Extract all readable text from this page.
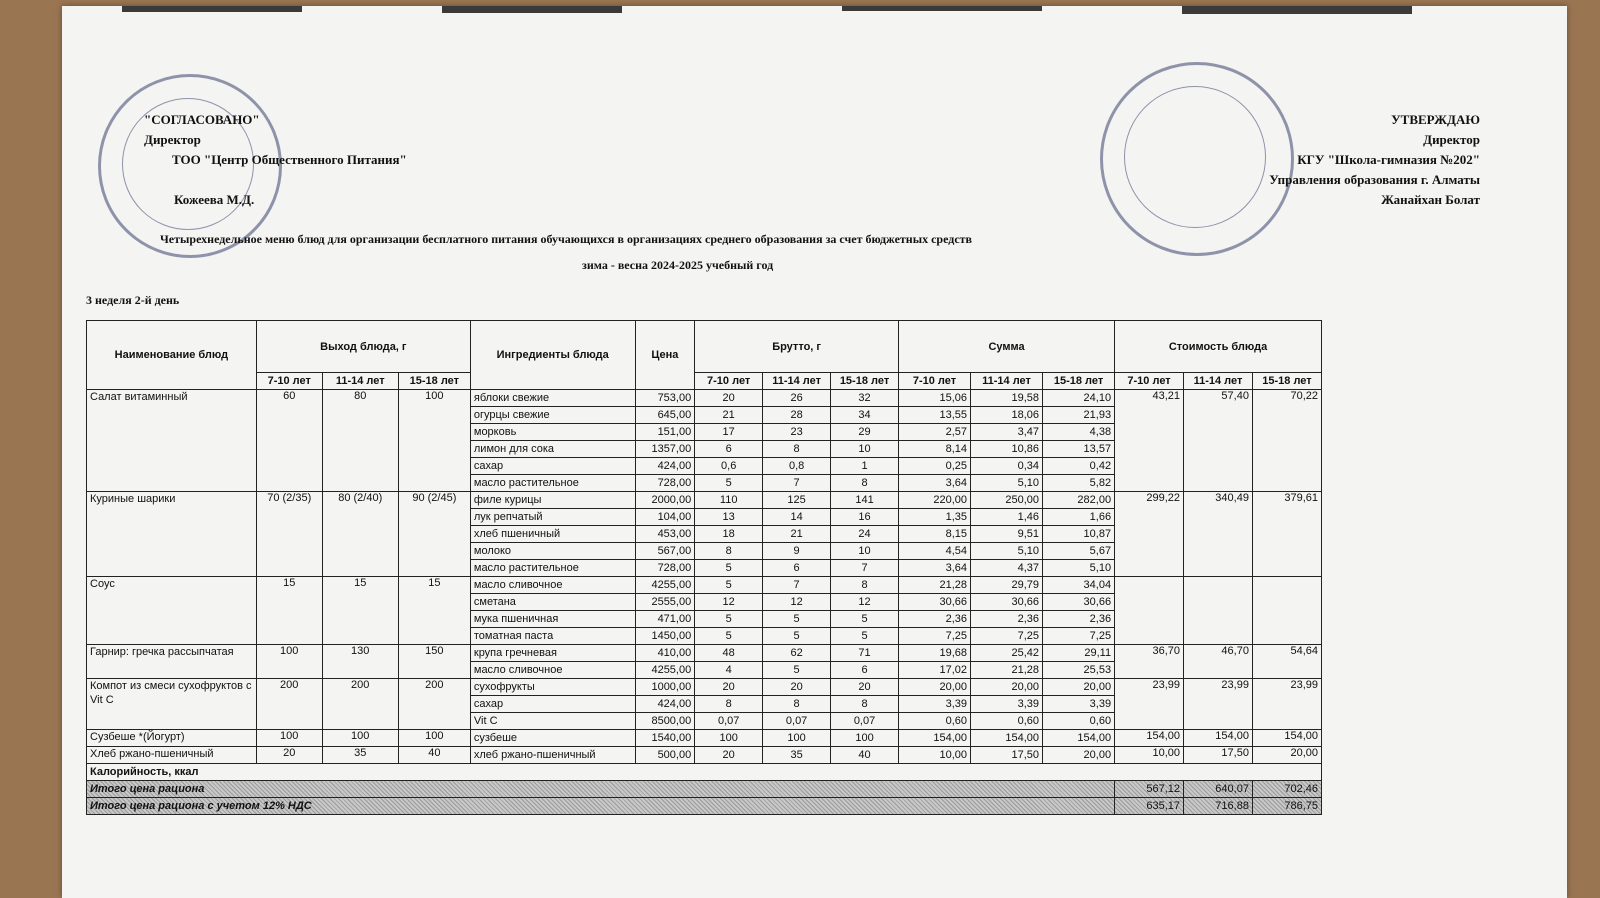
"СОГЛАСОВАНО"
Директор
ТОО "Центр Общественного Питания"
Кожеева М.Д.
УТВЕРЖДАЮ
Директор
КГУ "Школа-гимназия №202"
Управления образования г. Алматы
Жанайхан Болат
Четырехнедельное меню блюд для организации бесплатного питания обучающихся в организациях среднего образования за счет бюджетных средств
зима - весна 2024-2025 учебный год
3 неделя 2-й день
Наименование блюд	Выход блюда, г			Ингредиенты блюда	Цена	Брутто, г			Сумма			Стоимость блюда		
	7-10 лет	11-14 лет	15-18 лет			7-10 лет	11-14 лет	15-18 лет	7-10 лет	11-14 лет	15-18 лет	7-10 лет	11-14 лет	15-18 лет
Салат витаминный	60	80	100	яблоки свежие	753,00	20	26	32	15,06	19,58	24,10	43,21	57,40	70,22
				огурцы свежие	645,00	21	28	34	13,55	18,06	21,93			
				морковь	151,00	17	23	29	2,57	3,47	4,38			
				лимон для сока	1357,00	6	8	10	8,14	10,86	13,57			
				сахар	424,00	0,6	0,8	1	0,25	0,34	0,42			
				масло растительное	728,00	5	7	8	3,64	5,10	5,82			
Куриные шарики	70 (2/35)	80 (2/40)	90 (2/45)	филе курицы	2000,00	110	125	141	220,00	250,00	282,00	299,22	340,49	379,61
				лук репчатый	104,00	13	14	16	1,35	1,46	1,66			
				хлеб пшеничный	453,00	18	21	24	8,15	9,51	10,87			
				молоко	567,00	8	9	10	4,54	5,10	5,67			
				масло растительное	728,00	5	6	7	3,64	4,37	5,10			
Соус	15	15	15	масло сливочное	4255,00	5	7	8	21,28	29,79	34,04			
				сметана	2555,00	12	12	12	30,66	30,66	30,66			
				мука пшеничная	471,00	5	5	5	2,36	2,36	2,36			
				томатная паста	1450,00	5	5	5	7,25	7,25	7,25			
Гарнир: гречка рассыпчатая	100	130	150	крупа гречневая	410,00	48	62	71	19,68	25,42	29,11	36,70	46,70	54,64
				масло сливочное	4255,00	4	5	6	17,02	21,28	25,53			
Компот из смеси сухофруктов с Vit C	200	200	200	сухофрукты	1000,00	20	20	20	20,00	20,00	20,00	23,99	23,99	23,99
				сахар	424,00	8	8	8	3,39	3,39	3,39			
				Vit C	8500,00	0,07	0,07	0,07	0,60	0,60	0,60			
Сузбеше *(Йогурт)	100	100	100	сузбеше	1540,00	100	100	100	154,00	154,00	154,00	154,00	154,00	154,00
Хлеб ржано-пшеничный	20	35	40	хлеб ржано-пшеничный	500,00	20	35	40	10,00	17,50	20,00	10,00	17,50	20,00
Калорийность, ккал														
Итого цена рациона												567,12	640,07	702,46
Итого цена рациона с учетом 12% НДС												635,17	716,88	786,75
